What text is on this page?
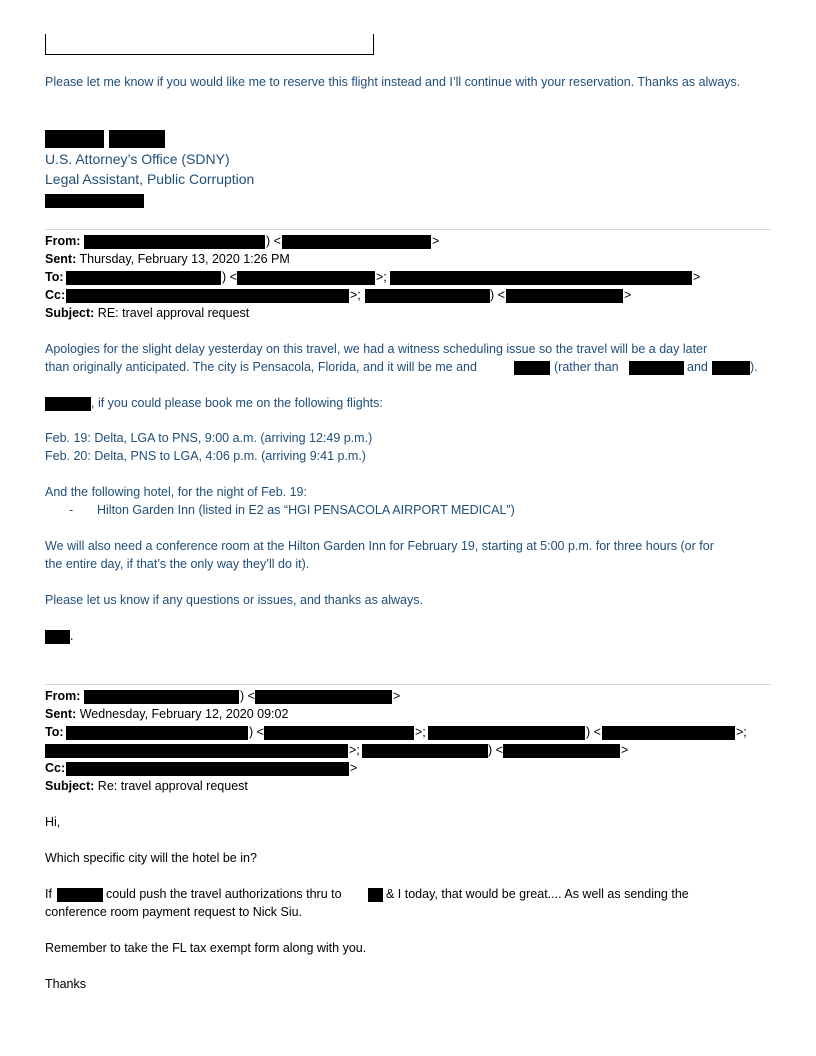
Please let me know if you would like me to reserve this flight instead and I’ll continue with your reservation. Thanks as always.
U.S. Attorney’s Office (SDNY)
Legal Assistant, Public Corruption
From:	) <	>
Sent: Thursday, February 13, 2020 1:26 PM
To:	) <	>;	>
Cc:	>;	) <	>
Subject: RE: travel approval request
Apologies for the slight delay yesterday on this travel, we had a witness scheduling issue so the travel will be a day later
than originally anticipated. The city is Pensacola, Florida, and it will be me and	(rather than	and	).
, if you could please book me on the following flights:
Feb. 19: Delta, LGA to PNS, 9:00 a.m. (arriving 12:49 p.m.)
Feb. 20: Delta, PNS to LGA, 4:06 p.m. (arriving 9:41 p.m.)
And the following hotel, for the night of Feb. 19:
- Hilton Garden Inn (listed in E2 as “HGI PENSACOLA AIRPORT MEDICAL”)
We will also need a conference room at the Hilton Garden Inn for February 19, starting at 5:00 p.m. for three hours (or for
the entire day, if that’s the only way they’ll do it).
Please let us know if any questions or issues, and thanks as always.
.
From:	) <	>
Sent: Wednesday, February 12, 2020 09:02
To:	) <	>;	) <	>;
>;	) <	>
Cc:	>
Subject: Re: travel approval request
Hi,
Which specific city will the hotel be in?
If	could push the travel authorizations thru to	& I today, that would be great.... As well as sending the
conference room payment request to Nick Siu.
Remember to take the FL tax exempt form along with you.
Thanks
